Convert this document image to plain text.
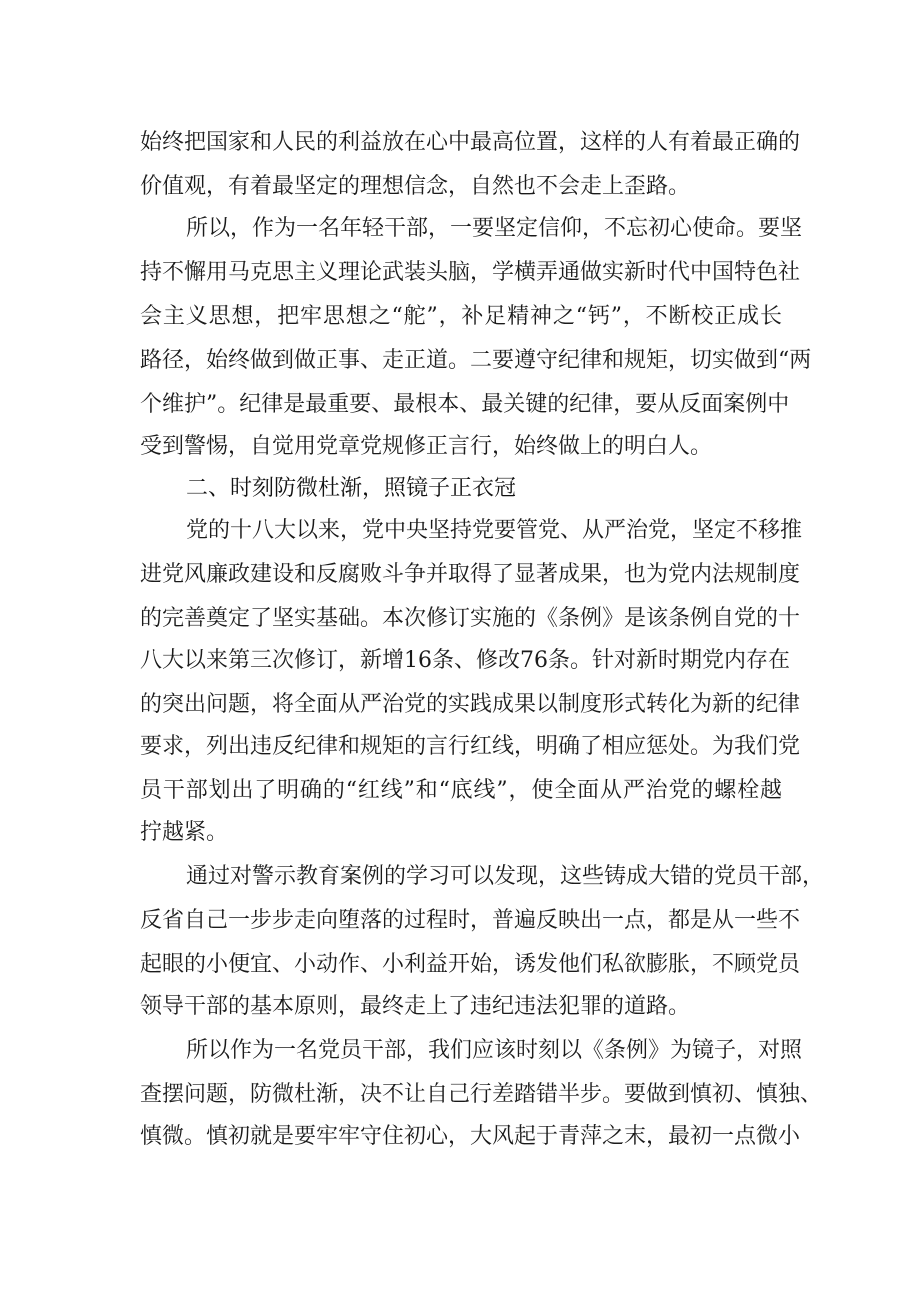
始终把国家和人民的利益放在心中最高位置，这样的人有着最正确的
价值观，有着最坚定的理想信念，自然也不会走上歪路。
所以，作为一名年轻干部，一要坚定信仰，不忘初心使命。要坚
持不懈用马克思主义理论武装头脑，学横弄通做实新时代中国特色社
会主义思想，把牢思想之“舵”，补足精神之“钙”，不断校正成长
路径，始终做到做正事、走正道。二要遵守纪律和规矩，切实做到“两
个维护”。纪律是最重要、最根本、最关键的纪律，要从反面案例中
受到警惕，自觉用党章党规修正言行，始终做上的明白人。
二、时刻防微杜渐，照镜子正衣冠
党的十八大以来，党中央坚持党要管党、从严治党，坚定不移推
进党风廉政建设和反腐败斗争并取得了显著成果，也为党内法规制度
的完善奠定了坚实基础。本次修订实施的《条例》是该条例自党的十
八大以来第三次修订，新增16条、修改76条。针对新时期党内存在
的突出问题，将全面从严治党的实践成果以制度形式转化为新的纪律
要求，列出违反纪律和规矩的言行红线，明确了相应惩处。为我们党
员干部划出了明确的“红线”和“底线”，使全面从严治党的螺栓越
拧越紧。
通过对警示教育案例的学习可以发现，这些铸成大错的党员干部，
反省自己一步步走向堕落的过程时，普遍反映出一点，都是从一些不
起眼的小便宜、小动作、小利益开始，诱发他们私欲膨胀，不顾党员
领导干部的基本原则，最终走上了违纪违法犯罪的道路。
所以作为一名党员干部，我们应该时刻以《条例》为镜子，对照
查摆问题，防微杜渐，决不让自己行差踏错半步。要做到慎初、慎独、
慎微。慎初就是要牢牢守住初心，大风起于青萍之末，最初一点微小
